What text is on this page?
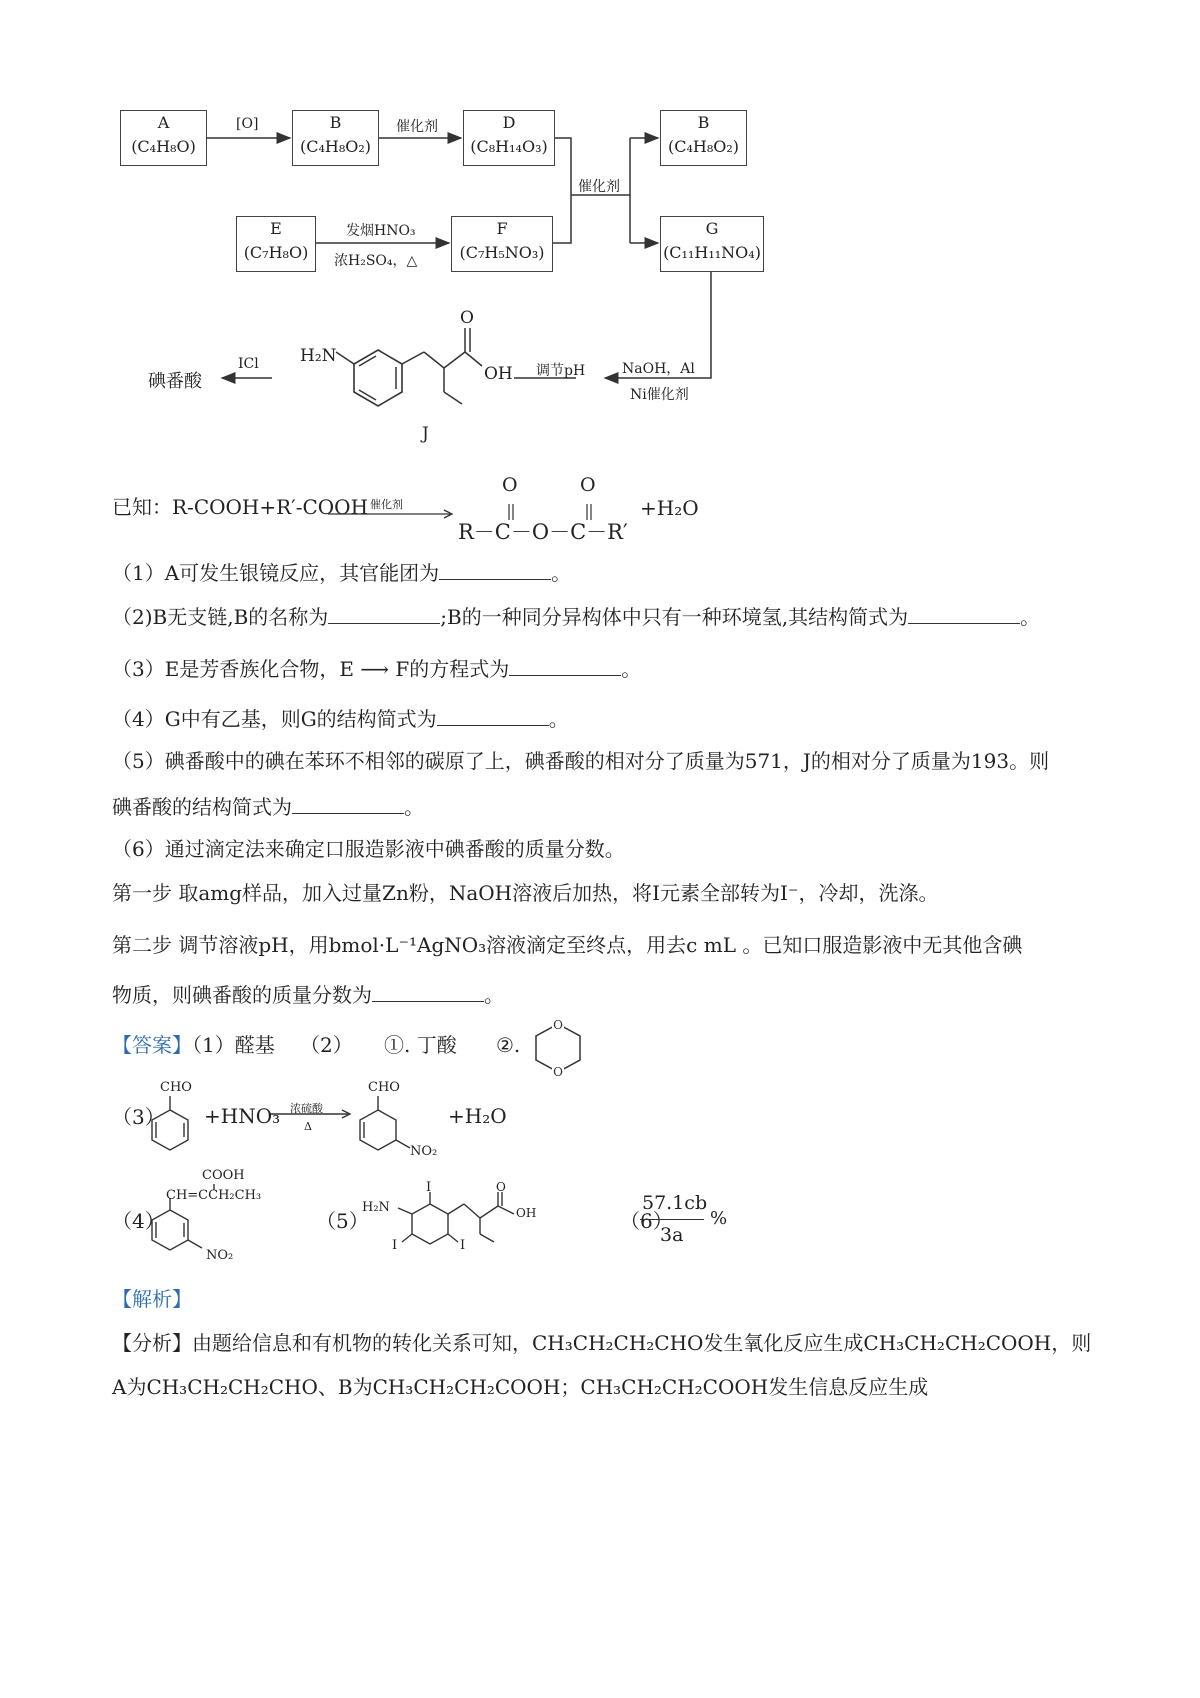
A
(C₄H₈O)
B
(C₄H₈O₂)
D
(C₈H₁₄O₃)
B
(C₄H₈O₂)
E
(C₇H₈O)
F
(C₇H₅NO₃)
G
(C₁₁H₁₁NO₄)
[O]	催化剂
发烟HNO₃
浓H₂SO₄，△
催化剂
NaOH，Al
Ni催化剂
调节pH
ICl
碘番酸
H₂N
O
OH
J
已知：R-COOH+R′-COOH 催化剂
O	O
R－C－O－C－R′
+H₂O
（1）A可发生银镜反应，其官能团为	。
（2)B无支链,B的名称为	;B的一种同分异构体中只有一种环境氢,其结构简式为	。
（3）E是芳香族化合物，E ⟶ F的方程式为	。
（4）G中有乙基，则G的结构简式为	。
（5）碘番酸中的碘在苯环不相邻的碳原了上，碘番酸的相对分了质量为571，J的相对分了质量为193。则
碘番酸的结构简式为	。
（6）通过滴定法来确定口服造影液中碘番酸的质量分数。
第一步 取amg样品，加入过量Zn粉，NaOH溶液后加热，将I元素全部转为I⁻，冷却，洗涤。
第二步 调节溶液pH，用bmol·L⁻¹AgNO₃溶液滴定至终点，用去c mL 。已知口服造影液中无其他含碘
物质，则碘番酸的质量分数为	。
【答案】（1）醛基 （2） ①. 丁酸 ②.
O
O
（3）
CHO
+HNO₃ 浓硫酸
Δ
CHO
NO₂
+H₂O
（4）
COOH
CH=CCH₂CH₃
NO₂
（5）
H₂N
I
I	I
O
OH	（6）
57.1cb
3a
%
【解析】
【分析】由题给信息和有机物的转化关系可知，CH₃CH₂CH₂CHO发生氧化反应生成CH₃CH₂CH₂COOH，则
A为CH₃CH₂CH₂CHO、B为CH₃CH₂CH₂COOH；CH₃CH₂CH₂COOH发生信息反应生成
